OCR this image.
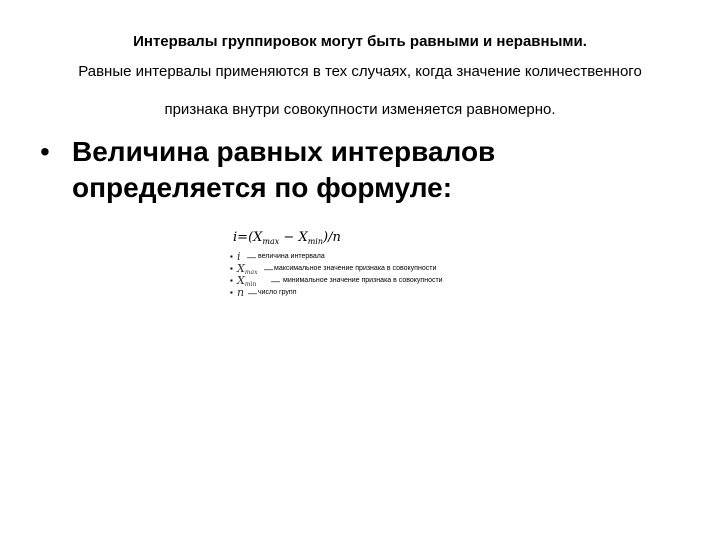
Интервалы группировок могут быть равными и неравными.
Равные интервалы применяются в тех случаях, когда значение количественного
признака внутри совокупности изменяется равномерно.
• Величина равных интервалов
определяется по формуле:
$i=(X_{max} - X_{min})/n$
▪ i — величина интервала
▪ $X_{max}$ — максимальное значение признака в совокупности
▪ $X_{min}$ — минимальное значение признака в совокупности
▪ n — число групп
